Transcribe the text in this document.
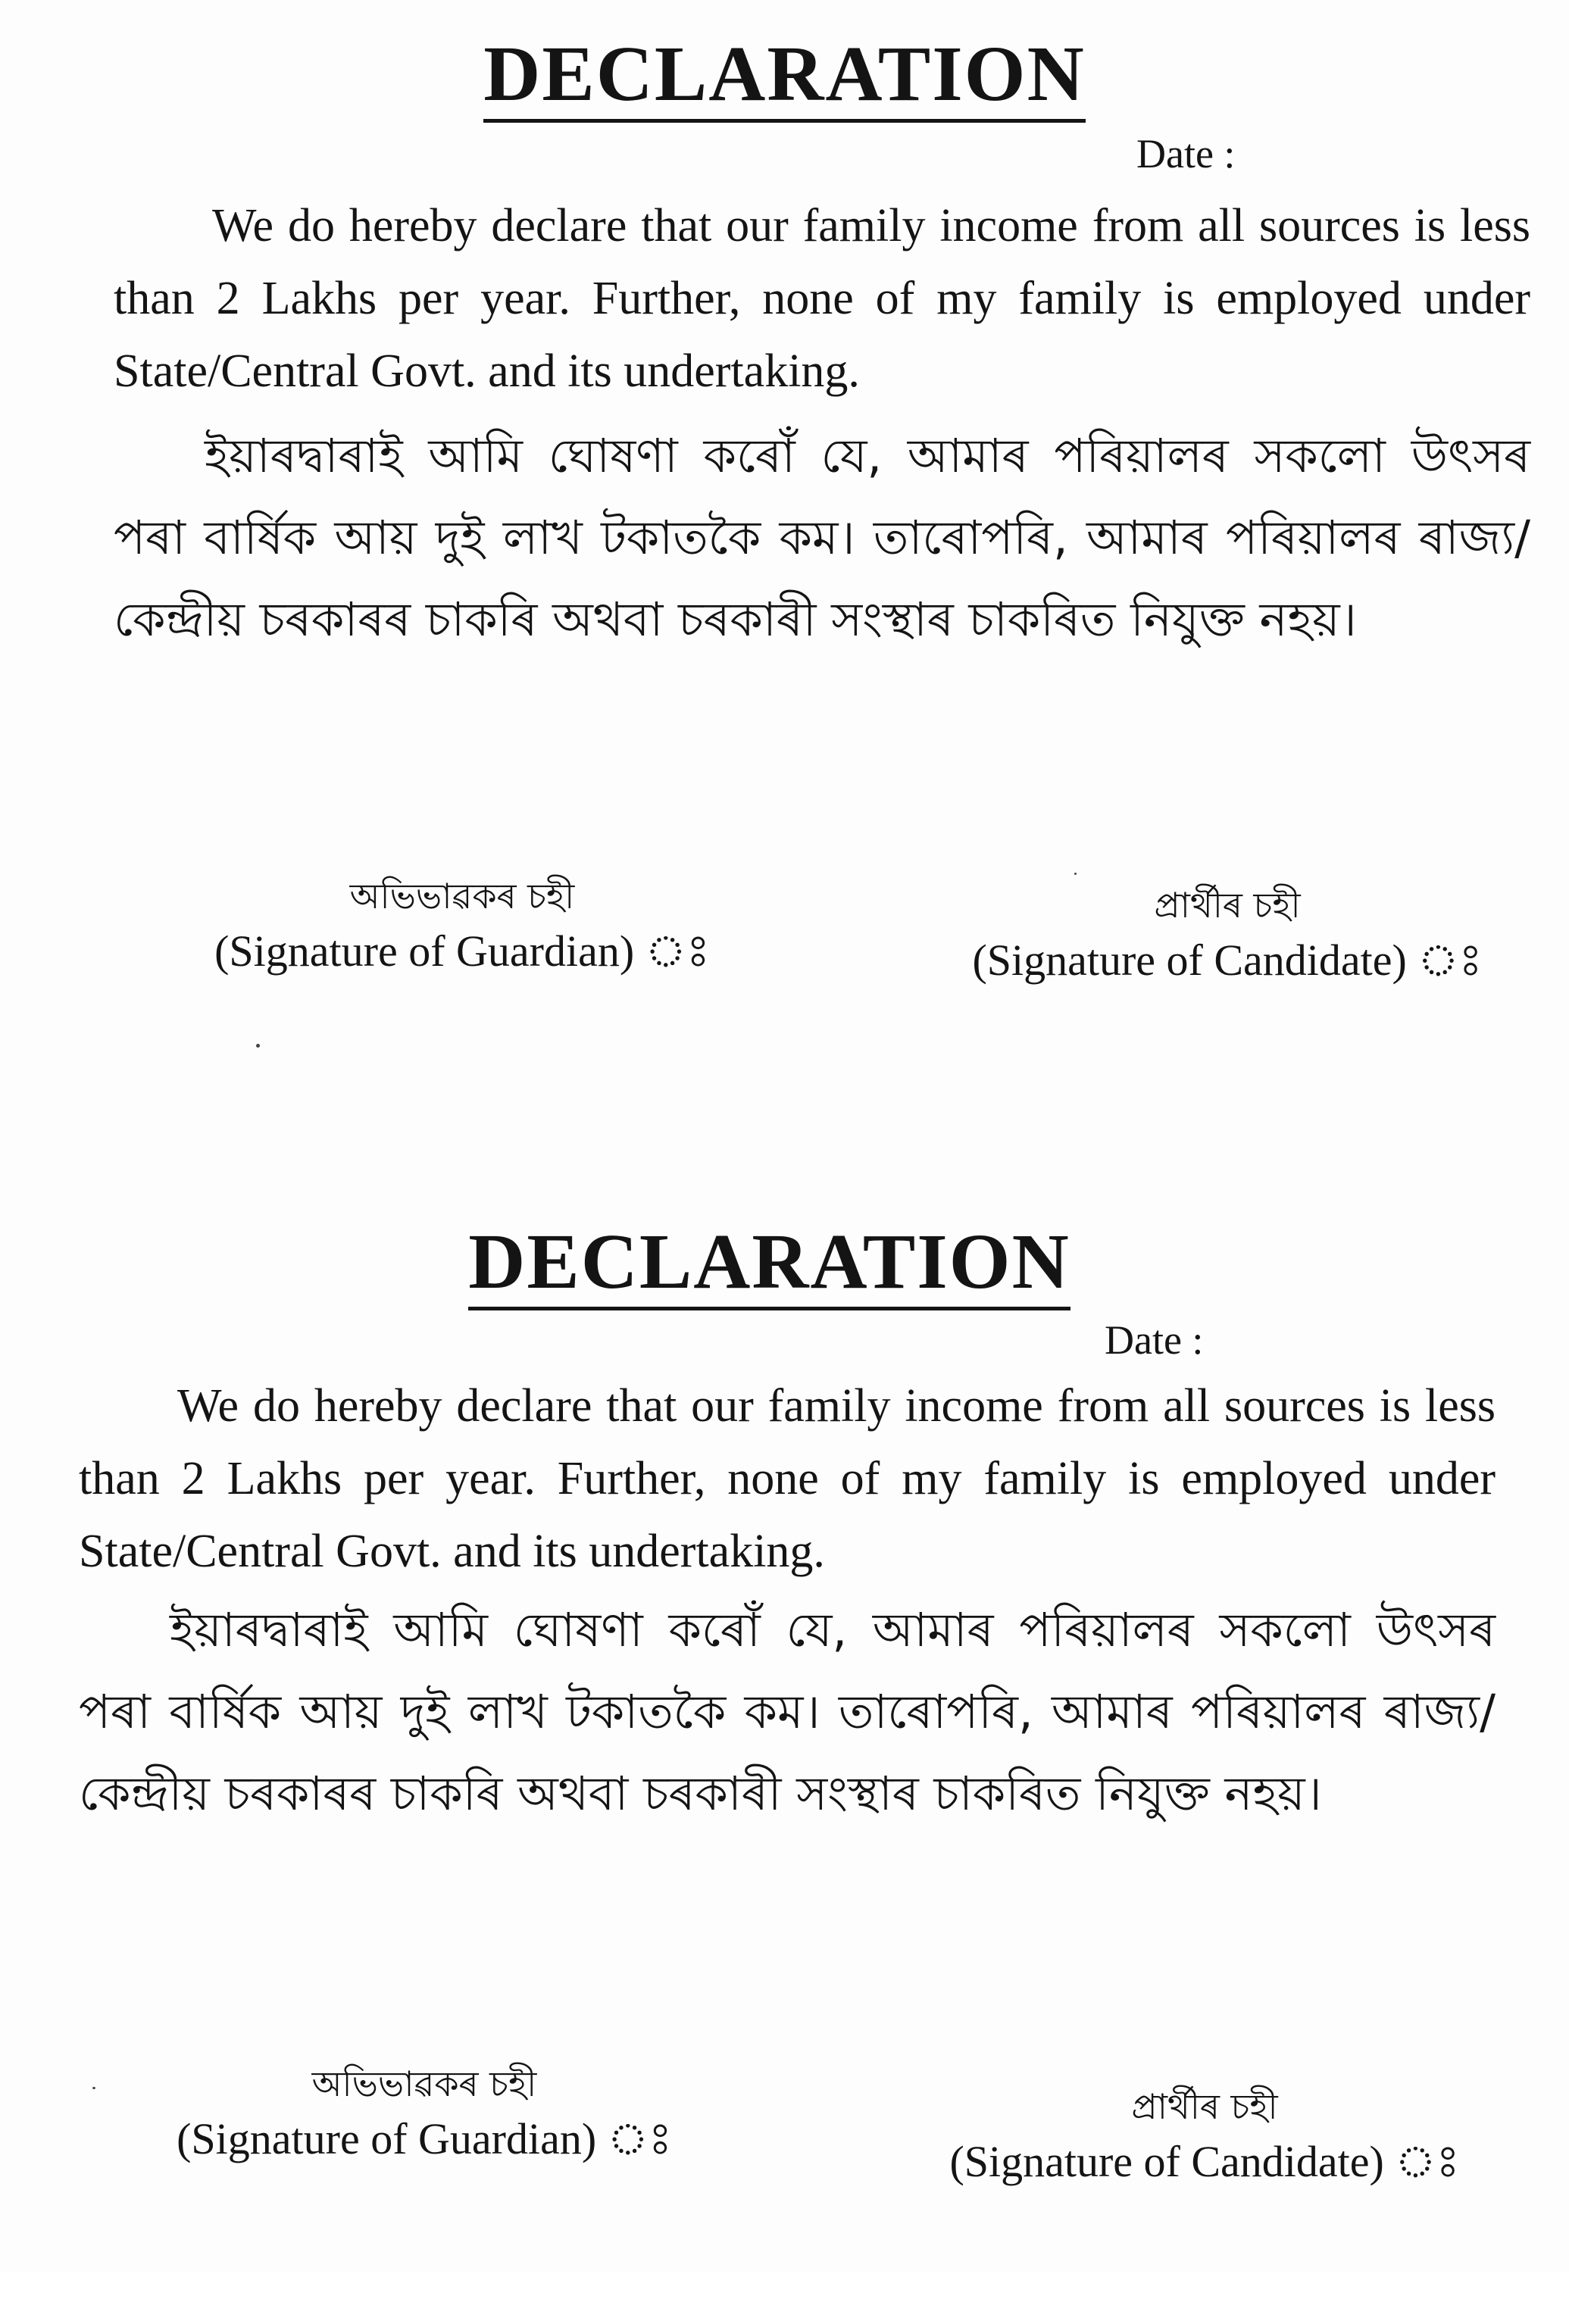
DECLARATION
Date :

We do hereby declare that our family income from all sources is less than 2 Lakhs per year. Further, none of my family is employed under State/Central Govt. and its undertaking.

ইয়াৰদ্বাৰাই আমি ঘোষণা কৰোঁ যে, আমাৰ পৰিয়ালৰ সকলো উৎসৰ পৰা বাৰ্ষিক আয় দুই লাখ টকাতকৈ কম। তাৰোপৰি, আমাৰ পৰিয়ালৰ ৰাজ্য/ কেন্দ্ৰীয় চৰকাৰৰ চাকৰি অথবা চৰকাৰী সংস্থাৰ চাকৰিত নিযুক্ত নহয়।

অভিভাৱকৰ চহী
(Signature of Guardian) ঃ
প্ৰাৰ্থীৰ চহী
(Signature of Candidate) ঃ
DECLARATION
Date :

We do hereby declare that our family income from all sources is less than 2 Lakhs per year. Further, none of my family is employed under State/Central Govt. and its undertaking.

ইয়াৰদ্বাৰাই আমি ঘোষণা কৰোঁ যে, আমাৰ পৰিয়ালৰ সকলো উৎসৰ পৰা বাৰ্ষিক আয় দুই লাখ টকাতকৈ কম। তাৰোপৰি, আমাৰ পৰিয়ালৰ ৰাজ্য/ কেন্দ্ৰীয় চৰকাৰৰ চাকৰি অথবা চৰকাৰী সংস্থাৰ চাকৰিত নিযুক্ত নহয়।

অভিভাৱকৰ চহী
(Signature of Guardian) ঃ
প্ৰাৰ্থীৰ চহী
(Signature of Candidate) ঃ
